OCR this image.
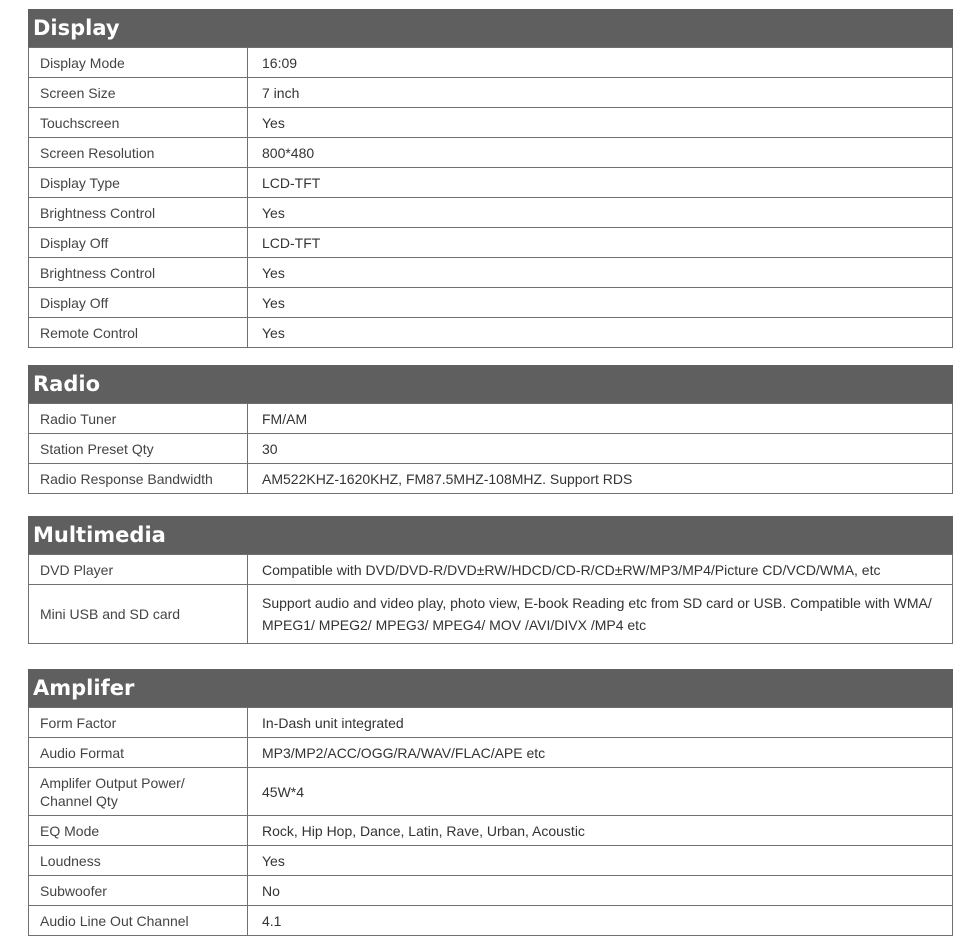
Display
Display Mode	16:09
Screen Size	7 inch
Touchscreen	Yes
Screen Resolution	800*480
Display Type	LCD-TFT
Brightness Control	Yes
Display Off	LCD-TFT
Brightness Control	Yes
Display Off	Yes
Remote Control	Yes
Radio
Radio Tuner	FM/AM
Station Preset Qty	30
Radio Response Bandwidth	AM522KHZ-1620KHZ, FM87.5MHZ-108MHZ. Support RDS
Multimedia
DVD Player	Compatible with DVD/DVD-R/DVD±RW/HDCD/CD-R/CD±RW/MP3/MP4/Picture CD/VCD/WMA, etc
Mini USB and SD card	Support audio and video play, photo view, E-book Reading etc from SD card or USB. Compatible with WMA/ MPEG1/ MPEG2/ MPEG3/ MPEG4/ MOV /AVI/DIVX /MP4 etc
Amplifer
Form Factor	In-Dash unit integrated
Audio Format	MP3/MP2/ACC/OGG/RA/WAV/FLAC/APE etc
Amplifer Output Power/ Channel Qty	45W*4
EQ Mode	Rock, Hip Hop, Dance, Latin, Rave, Urban, Acoustic
Loudness	Yes
Subwoofer	No
Audio Line Out Channel	4.1
